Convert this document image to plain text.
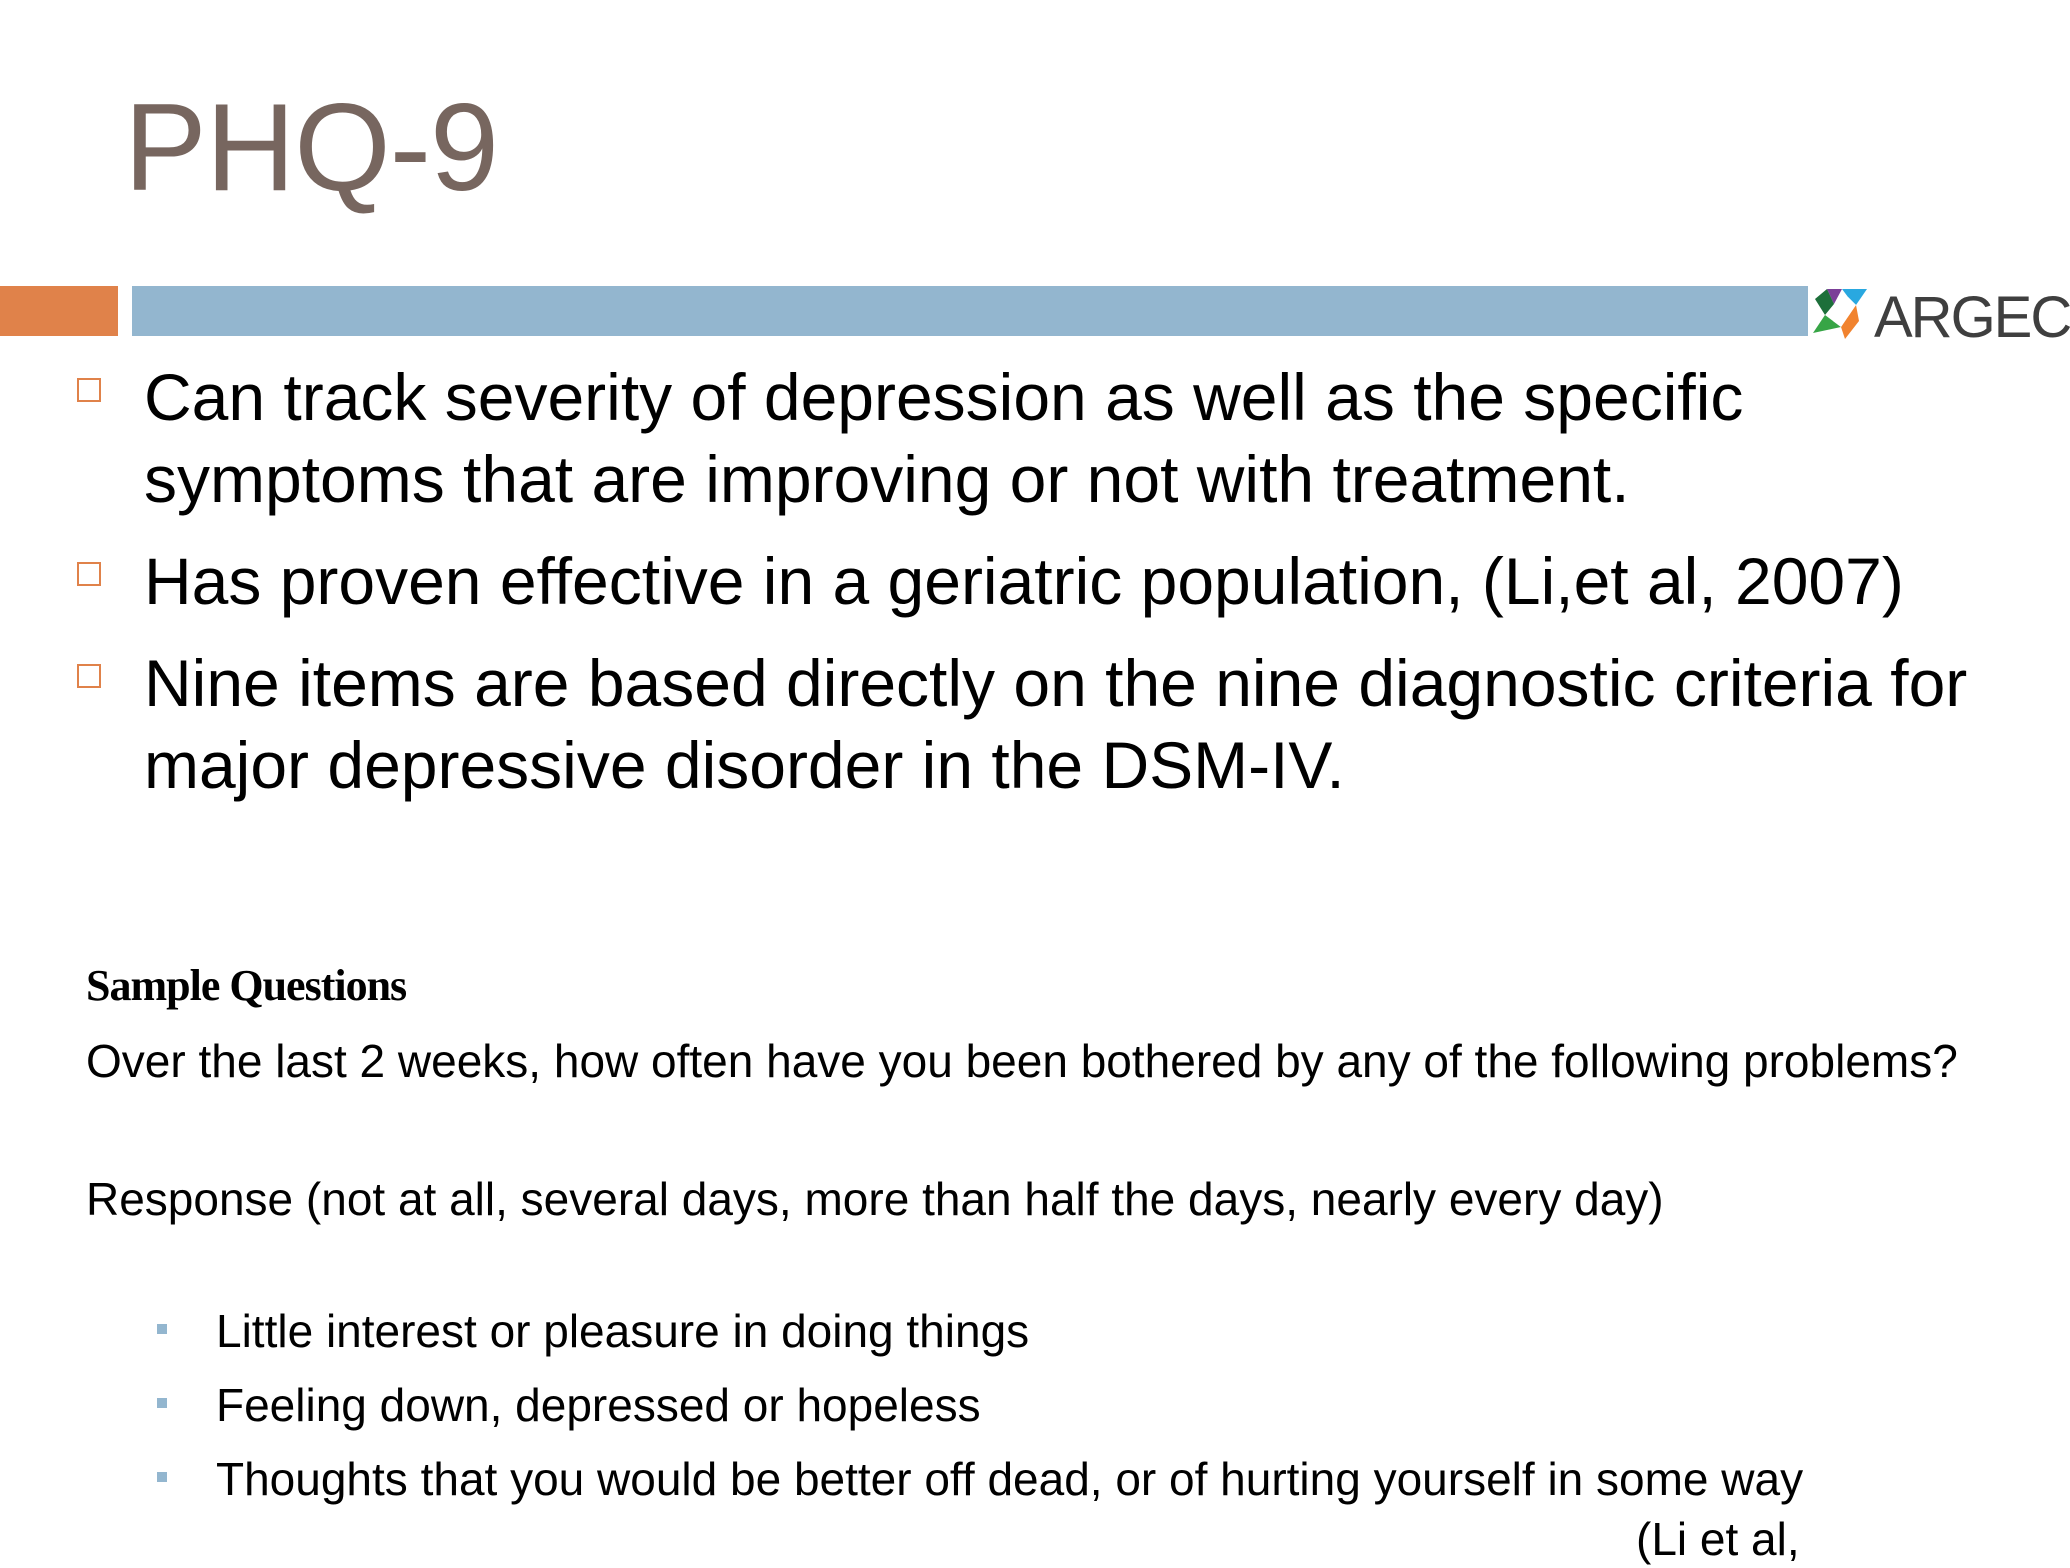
PHQ-9
ARGEC
Can track severity of depression as well as the specific symptoms that are improving or not with treatment.
Has proven effective in a geriatric population, (Li,et al, 2007)
Nine items are based directly on the nine diagnostic criteria for major depressive disorder in the DSM-IV.
Sample Questions

Over the last 2 weeks, how often have you been bothered by any of the following problems?

Response (not at all, several days, more than half the days, nearly every day)

Little interest or pleasure in doing things
Feeling down, depressed or hopeless
Thoughts that you would be better off dead, or of hurting yourself in some way
(Li et al,
